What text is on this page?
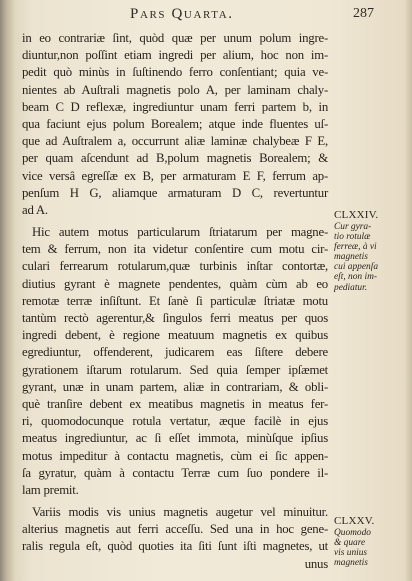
Pars Quarta.	287
in eo contrariæ ſint, quòd quæ per unum polum ingre-
diuntur,non poſſint etiam ingredi per alium, hoc non im-
pedit quò minùs in ſuſtinendo ferro conſentiant; quia ve-
nientes ab Auſtrali magnetis polo A, per laminam chaly-
beam C D reflexæ, ingrediuntur unam ferri partem b, in
qua faciunt ejus polum Borealem; atque inde fluentes uſ-
que ad Auſtralem a, occurrunt aliæ laminæ chalybeæ F E,
per quam aſcendunt ad B,polum magnetis Borealem; &
vice versâ egreſſæ ex B, per armaturam E F, ferrum ap-
penſum H G, aliamque armaturam D C, revertuntur
ad A.
Hic autem motus particularum ſtriatarum per magne-
tem & ferrum, non ita videtur conſentire cum motu cir-
culari ferrearum rotularum,quæ turbinis inſtar contortæ,
diutius gyrant è magnete pendentes, quàm cùm ab eo
remotæ terræ inſiſtunt. Et ſanè ſi particulæ ſtriatæ motu
tantùm rectò agerentur,& ſingulos ferri meatus per quos
ingredi debent, è regione meatuum magnetis ex quibus
egrediuntur, offenderent, judicarem eas ſiſtere debere
gyrationem iſtarum rotularum. Sed quia ſemper ipſæmet
gyrant, unæ in unam partem, aliæ in contrariam, & obli-
què tranſire debent ex meatibus magnetis in meatus fer-
ri, quomodocunque rotula vertatur, æque facilè in ejus
meatus ingrediuntur, ac ſi eſſet immota, minùſque ipſius
motus impeditur à contactu magnetis, cùm ei ſic appen-
ſa gyratur, quàm à contactu Terræ cum ſuo pondere il-
lam premit.
Variis modis vis unius magnetis augetur vel minuitur.
alterius magnetis aut ferri acceſſu. Sed una in hoc gene-
ralis regula eſt, quòd quoties ita ſiti ſunt iſti magnetes, ut
unus
CLXXIV.
Cur gyra-
tio rotulæ
ferreæ, à vi
magnetis
cui appenſa
eſt, non im-
pediatur.
CLXXV.
Quomodo
& quare
vis unius
magnetis
